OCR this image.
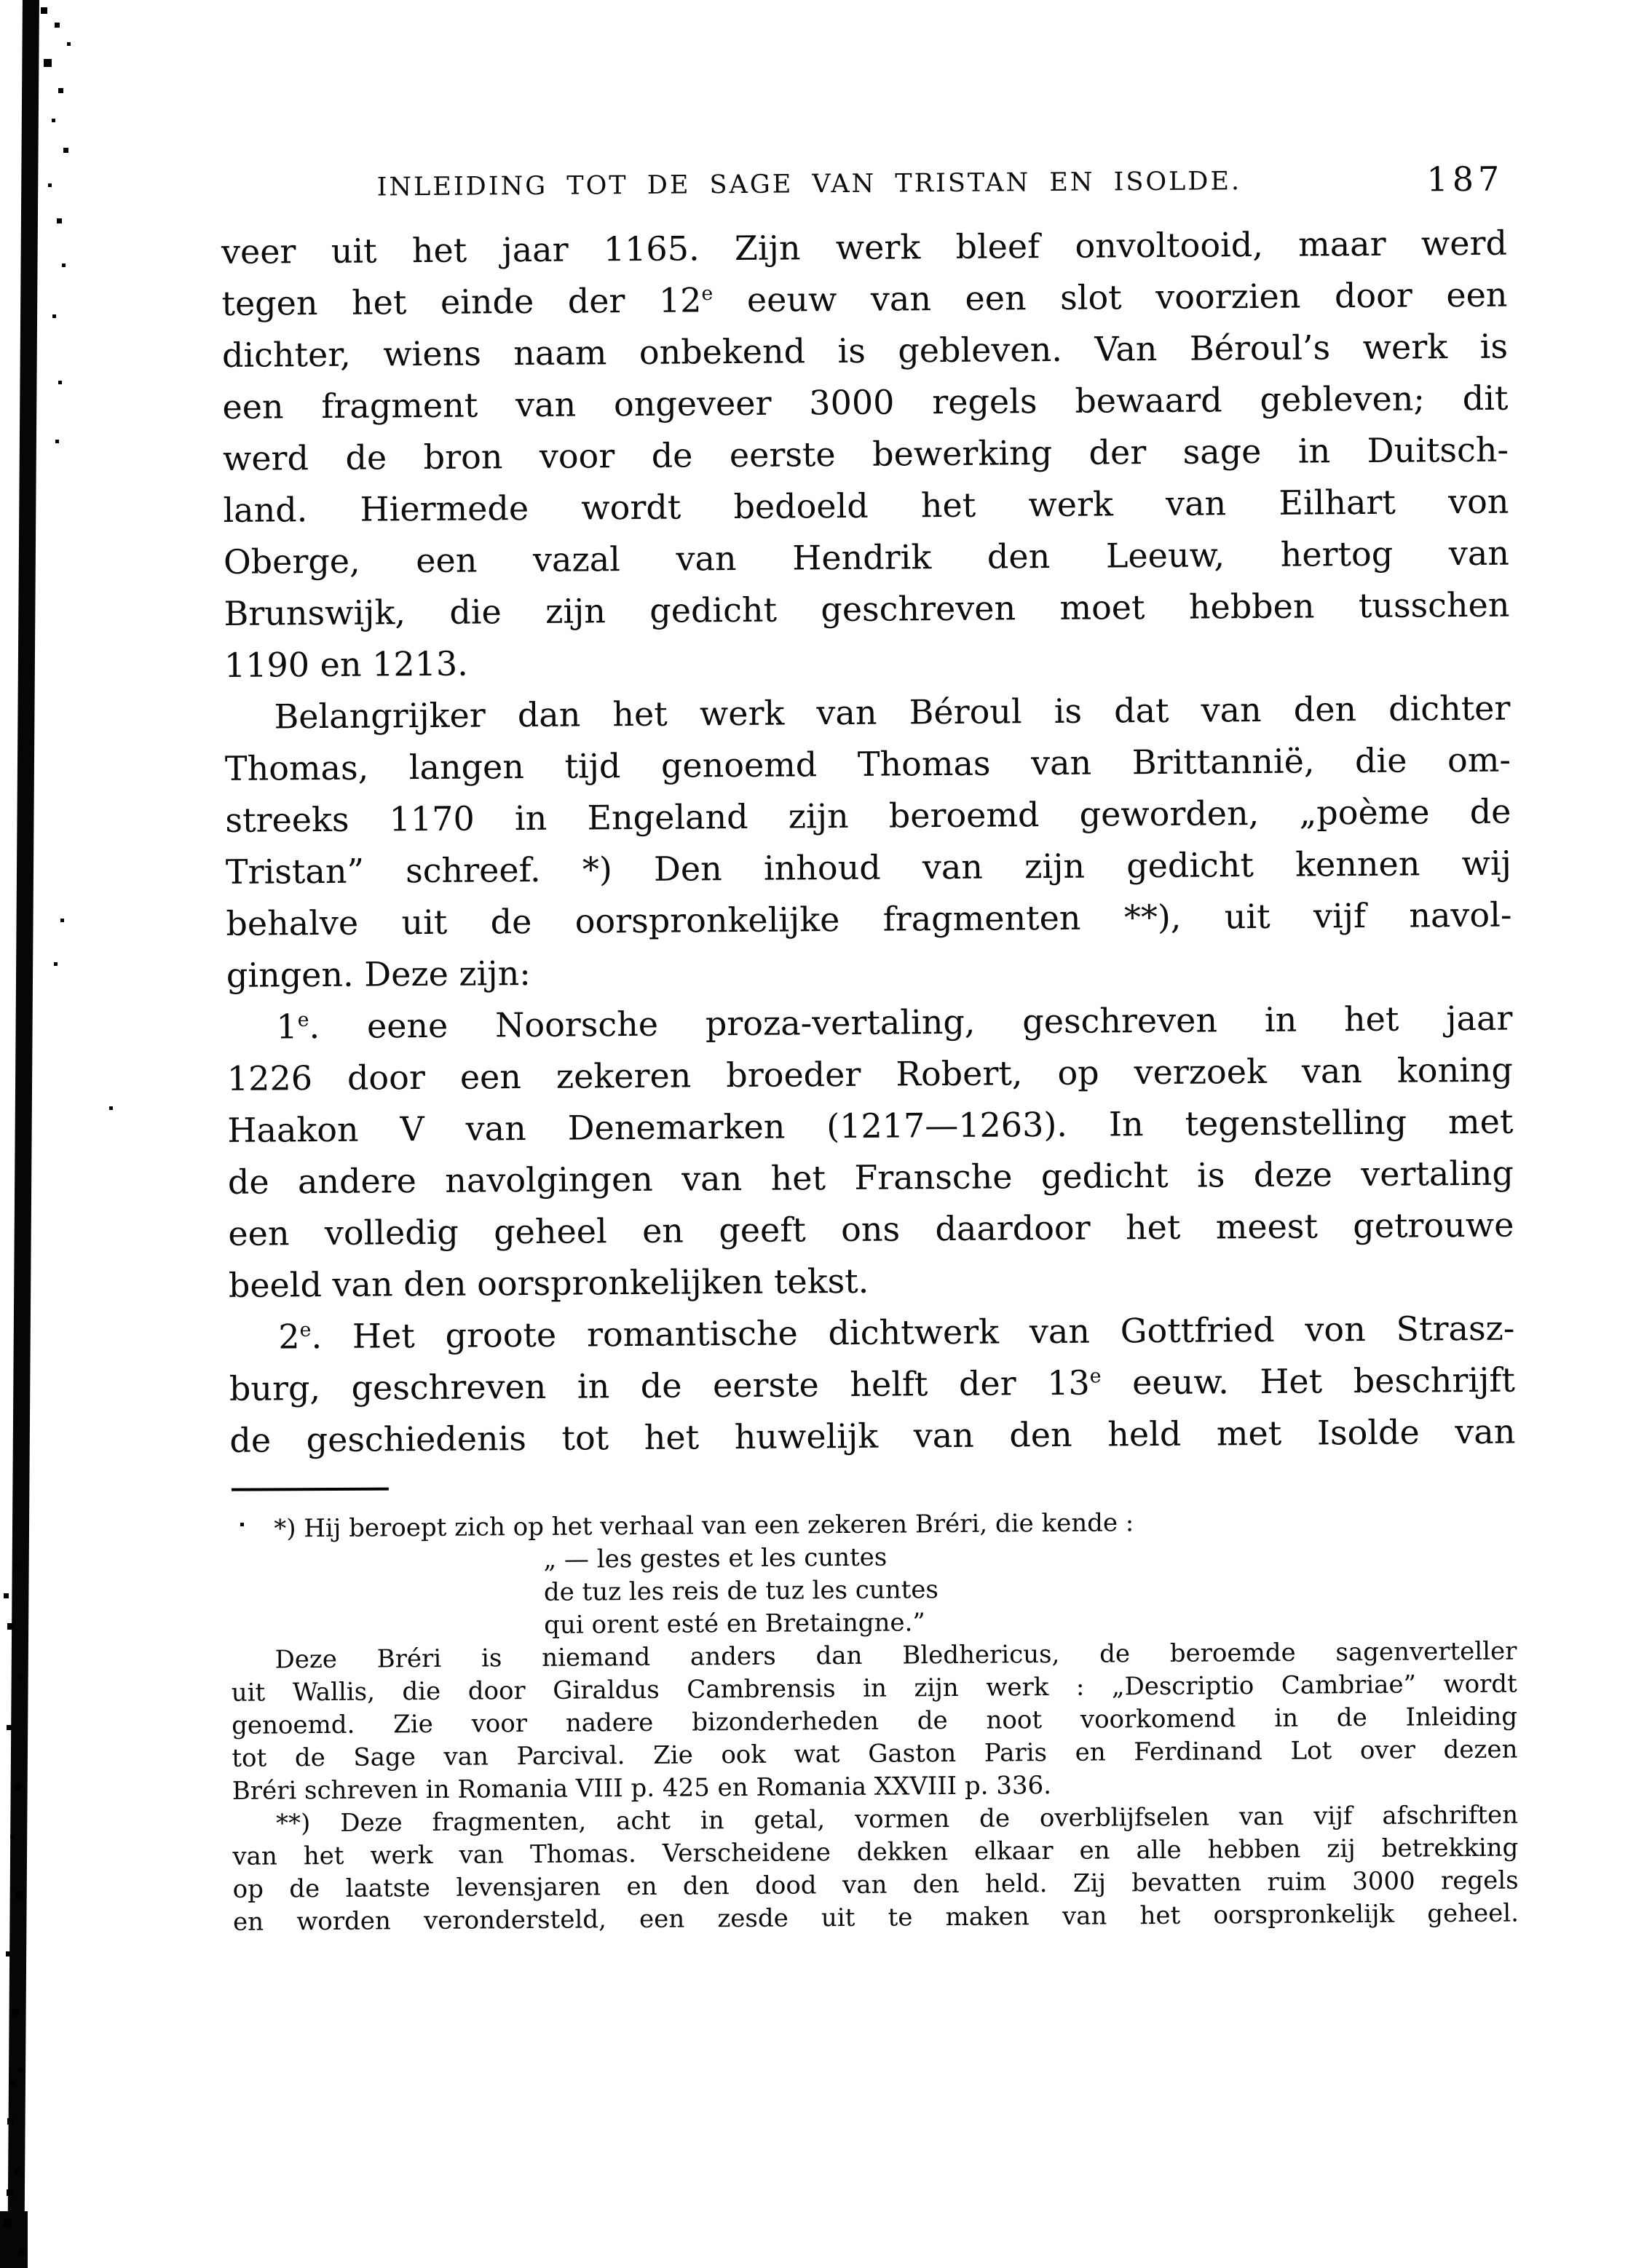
INLEIDING TOT DE SAGE VAN TRISTAN EN ISOLDE.	187
veer uit het jaar 1165. Zijn werk bleef onvoltooid, maar werd
tegen het einde der 12e eeuw van een slot voorzien door een
dichter, wiens naam onbekend is gebleven. Van Béroul’s werk is
een fragment van ongeveer 3000 regels bewaard gebleven; dit
werd de bron voor de eerste bewerking der sage in Duitsch-
land. Hiermede wordt bedoeld het werk van Eilhart von
Oberge, een vazal van Hendrik den Leeuw, hertog van
Brunswijk, die zijn gedicht geschreven moet hebben tusschen
1190 en 1213.
Belangrijker dan het werk van Béroul is dat van den dichter
Thomas, langen tijd genoemd Thomas van Brittannië, die om-
streeks 1170 in Engeland zijn beroemd geworden, „poème de
Tristan” schreef. *) Den inhoud van zijn gedicht kennen wij
behalve uit de oorspronkelijke fragmenten **), uit vijf navol-
gingen. Deze zijn:
1e. eene Noorsche proza-vertaling, geschreven in het jaar
1226 door een zekeren broeder Robert, op verzoek van koning
Haakon V van Denemarken (1217—1263). In tegenstelling met
de andere navolgingen van het Fransche gedicht is deze vertaling
een volledig geheel en geeft ons daardoor het meest getrouwe
beeld van den oorspronkelijken tekst.
2e. Het groote romantische dichtwerk van Gottfried von Strasz-
burg, geschreven in de eerste helft der 13e eeuw. Het beschrijft
de geschiedenis tot het huwelijk van den held met Isolde van
*) Hij beroept zich op het verhaal van een zekeren Bréri, die kende :
„ — les gestes et les cuntes
de tuz les reis de tuz les cuntes
qui orent esté en Bretaingne.”
Deze Bréri is niemand anders dan Bledhericus, de beroemde sagenverteller
uit Wallis, die door Giraldus Cambrensis in zijn werk : „Descriptio Cambriae” wordt
genoemd. Zie voor nadere bizonderheden de noot voorkomend in de Inleiding
tot de Sage van Parcival. Zie ook wat Gaston Paris en Ferdinand Lot over dezen
Bréri schreven in Romania VIII p. 425 en Romania XXVIII p. 336.
**) Deze fragmenten, acht in getal, vormen de overblijfselen van vijf afschriften
van het werk van Thomas. Verscheidene dekken elkaar en alle hebben zij betrekking
op de laatste levensjaren en den dood van den held. Zij bevatten ruim 3000 regels
en worden verondersteld, een zesde uit te maken van het oorspronkelijk geheel.
